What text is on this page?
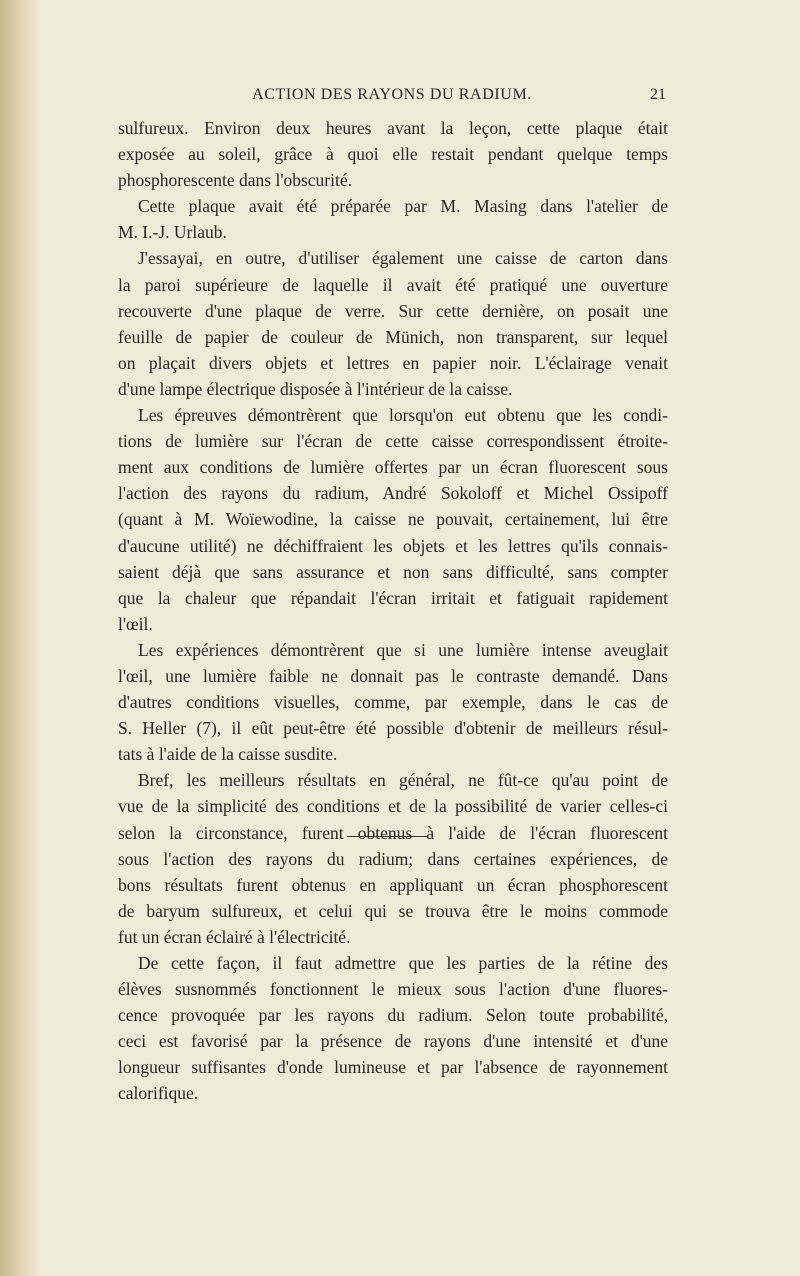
ACTION DES RAYONS DU RADIUM.	21
sulfureux. Environ deux heures avant la leçon, cette plaque était
exposée au soleil, grâce à quoi elle restait pendant quelque temps
phosphorescente dans l'obscurité.
Cette plaque avait été préparée par M. Masing dans l'atelier de
M. I.-J. Urlaub.
J'essayai, en outre, d'utiliser également une caisse de carton dans
la paroi supérieure de laquelle il avait été pratiqué une ouverture
recouverte d'une plaque de verre. Sur cette dernière, on posait une
feuille de papier de couleur de Münich, non transparent, sur lequel
on plaçait divers objets et lettres en papier noir. L'éclairage venait
d'une lampe électrique disposée à l'intérieur de la caisse.
Les épreuves démontrèrent que lorsqu'on eut obtenu que les condi-
tions de lumière sur l'écran de cette caisse correspondissent étroite-
ment aux conditions de lumière offertes par un écran fluorescent sous
l'action des rayons du radium, André Sokoloff et Michel Ossipoff
(quant à M. Woïewodine, la caisse ne pouvait, certainement, lui être
d'aucune utilité) ne déchiffraient les objets et les lettres qu'ils connais-
saient déjà que sans assurance et non sans difficulté, sans compter
que la chaleur que répandait l'écran irritait et fatiguait rapidement
l'œil.
Les expériences démontrèrent que si une lumière intense aveuglait
l'œil, une lumière faible ne donnait pas le contraste demandé. Dans
d'autres conditions visuelles, comme, par exemple, dans le cas de
S. Heller (7), il eût peut-être été possible d'obtenir de meilleurs résul-
tats à l'aide de la caisse susdite.
Bref, les meilleurs résultats en général, ne fût-ce qu'au point de
vue de la simplicité des conditions et de la possibilité de varier celles-ci
selon la circonstance, furent obtenus à l'aide de l'écran fluorescent
sous l'action des rayons du radium; dans certaines expériences, de
bons résultats furent obtenus en appliquant un écran phosphorescent
de baryum sulfureux, et celui qui se trouva être le moins commode
fut un écran éclairé à l'électricité.
De cette façon, il faut admettre que les parties de la rétine des
élèves susnommés fonctionnent le mieux sous l'action d'une fluores-
cence provoquée par les rayons du radium. Selon toute probabilité,
ceci est favorisé par la présence de rayons d'une intensité et d'une
longueur suffisantes d'onde lumineuse et par l'absence de rayonnement
calorifique.
